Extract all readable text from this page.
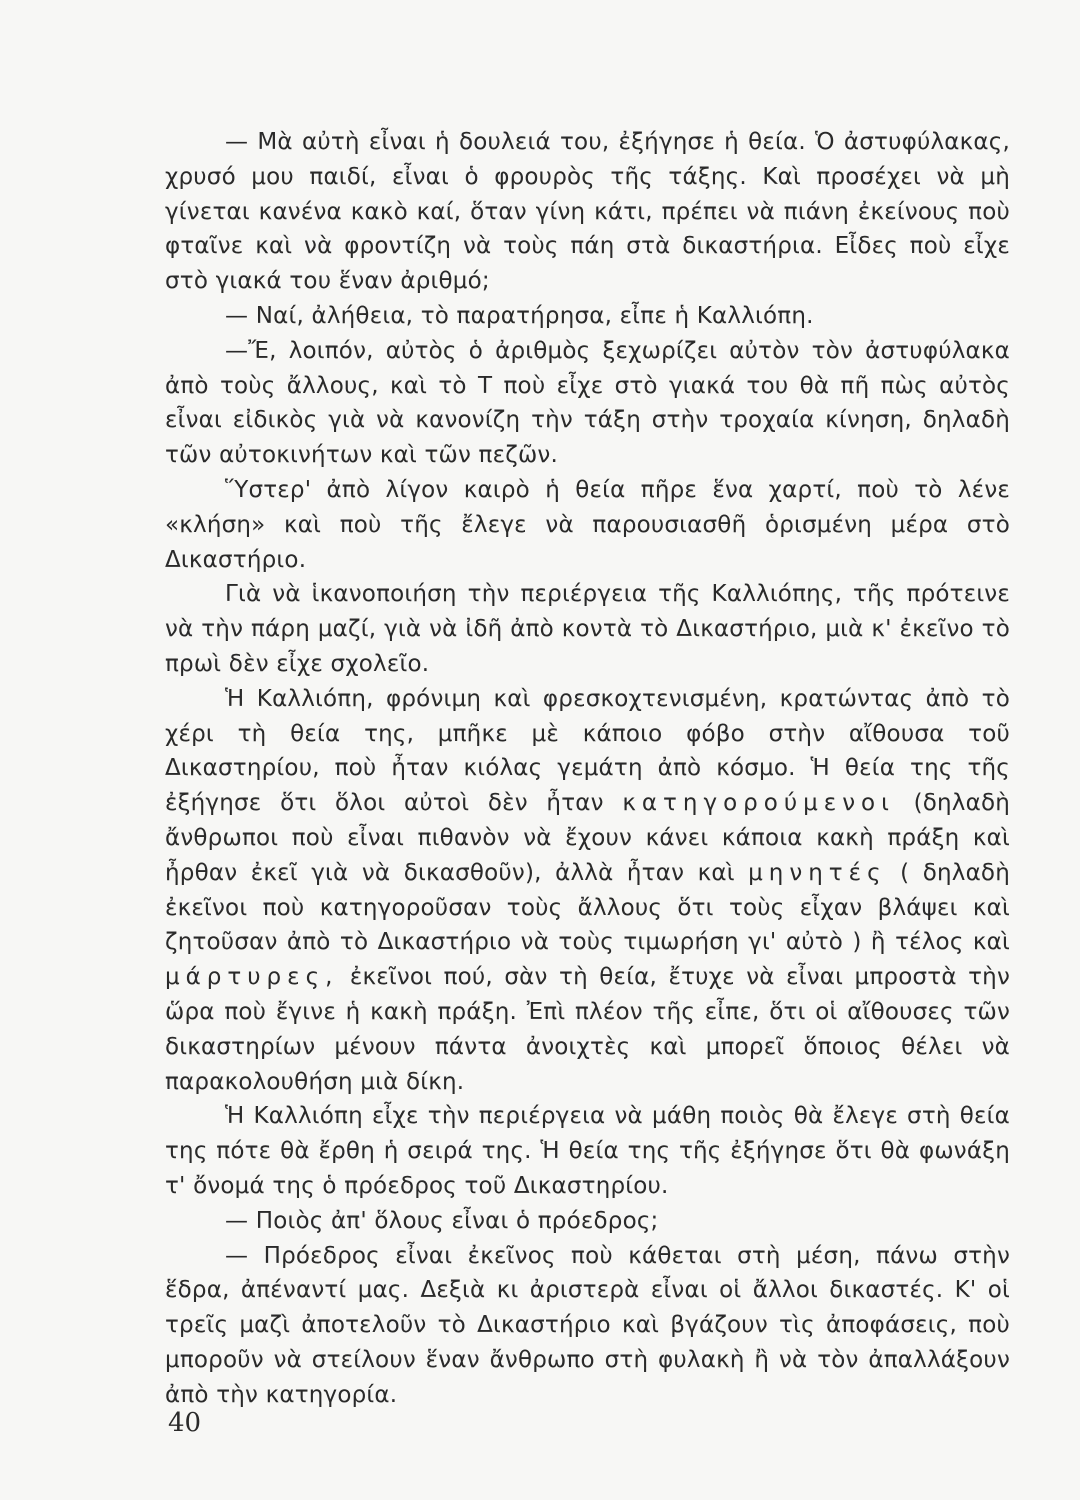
— Μὰ αὐτὴ εἶναι ἡ δουλειά του, ἐξήγησε ἡ θεία. Ὁ ἀστυφύλακας, χρυσό μου παιδί, εἶναι ὁ φρουρὸς τῆς τάξης. Καὶ προσέχει νὰ μὴ γίνεται κανένα κακὸ καί, ὅταν γίνη κάτι, πρέπει νὰ πιάνη ἐκείνους ποὺ φταῖνε καὶ νὰ φροντίζη νὰ τοὺς πάη στὰ δικαστήρια. Εἶδες ποὺ εἶχε στὸ γιακά του ἕναν ἀριθμό;

— Ναί, ἀλήθεια, τὸ παρατήρησα, εἶπε ἡ Καλλιόπη.

—Ἔ, λοιπόν, αὐτὸς ὁ ἀριθμὸς ξεχωρίζει αὐτὸν τὸν ἀστυφύλακα ἀπὸ τοὺς ἄλλους, καὶ τὸ Τ ποὺ εἶχε στὸ γιακά του θὰ πῆ πὼς αὐτὸς εἶναι εἰδικὸς γιὰ νὰ κανονίζη τὴν τάξη στὴν τροχαία κίνηση, δηλαδὴ τῶν αὐτοκινήτων καὶ τῶν πεζῶν.

Ὕστερ' ἀπὸ λίγον καιρὸ ἡ θεία πῆρε ἕνα χαρτί, ποὺ τὸ λένε «κλήση» καὶ ποὺ τῆς ἔλεγε νὰ παρουσιασθῆ ὁρισμένη μέρα στὸ Δικαστήριο.

Γιὰ νὰ ἱκανοποιήση τὴν περιέργεια τῆς Καλλιόπης, τῆς πρότεινε νὰ τὴν πάρη μαζί, γιὰ νὰ ἰδῆ ἀπὸ κοντὰ τὸ Δικαστήριο, μιὰ κ' ἐκεῖνο τὸ πρωὶ δὲν εἶχε σχολεῖο.

Ἡ Καλλιόπη, φρόνιμη καὶ φρεσκοχτενισμένη, κρατώντας ἀπὸ τὸ χέρι τὴ θεία της, μπῆκε μὲ κάποιο φόβο στὴν αἴθουσα τοῦ Δικαστηρίου, ποὺ ἦταν κιόλας γεμάτη ἀπὸ κόσμο. Ἡ θεία της τῆς ἐξήγησε ὅτι ὅλοι αὐτοὶ δὲν ἦταν κατηγορούμενοι (δηλαδὴ ἄνθρωποι ποὺ εἶναι πιθανὸν νὰ ἔχουν κάνει κάποια κακὴ πράξη καὶ ἦρθαν ἐκεῖ γιὰ νὰ δικασθοῦν), ἀλλὰ ἦταν καὶ μηνητές ( δηλαδὴ ἐκεῖνοι ποὺ κατηγοροῦσαν τοὺς ἄλλους ὅτι τοὺς εἶχαν βλάψει καὶ ζητοῦσαν ἀπὸ τὸ Δικαστήριο νὰ τοὺς τιμωρήση γι' αὐτὸ ) ἢ τέλος καὶ μάρτυρες, ἐκεῖνοι πού, σὰν τὴ θεία, ἔτυχε νὰ εἶναι μπροστὰ τὴν ὥρα ποὺ ἔγινε ἡ κακὴ πράξη. Ἐπὶ πλέον τῆς εἶπε, ὅτι οἱ αἴθουσες τῶν δικαστηρίων μένουν πάντα ἀνοιχτὲς καὶ μπορεῖ ὅποιος θέλει νὰ παρακολουθήση μιὰ δίκη.

Ἡ Καλλιόπη εἶχε τὴν περιέργεια νὰ μάθη ποιὸς θὰ ἔλεγε στὴ θεία της πότε θὰ ἔρθη ἡ σειρά της. Ἡ θεία της τῆς ἐξήγησε ὅτι θὰ φωνάξη τ' ὄνομά της ὁ πρόεδρος τοῦ Δικαστηρίου.

— Ποιὸς ἀπ' ὅλους εἶναι ὁ πρόεδρος;

— Πρόεδρος εἶναι ἐκεῖνος ποὺ κάθεται στὴ μέση, πάνω στὴν ἕδρα, ἀπέναντί μας. Δεξιὰ κι ἀριστερὰ εἶναι οἱ ἄλλοι δικαστές. Κ' οἱ τρεῖς μαζὶ ἀποτελοῦν τὸ Δικαστήριο καὶ βγάζουν τὶς ἀποφάσεις, ποὺ μποροῦν νὰ στείλουν ἕναν ἄνθρωπο στὴ φυλακὴ ἢ νὰ τὸν ἀπαλλάξουν ἀπὸ τὴν κατηγορία.

40
